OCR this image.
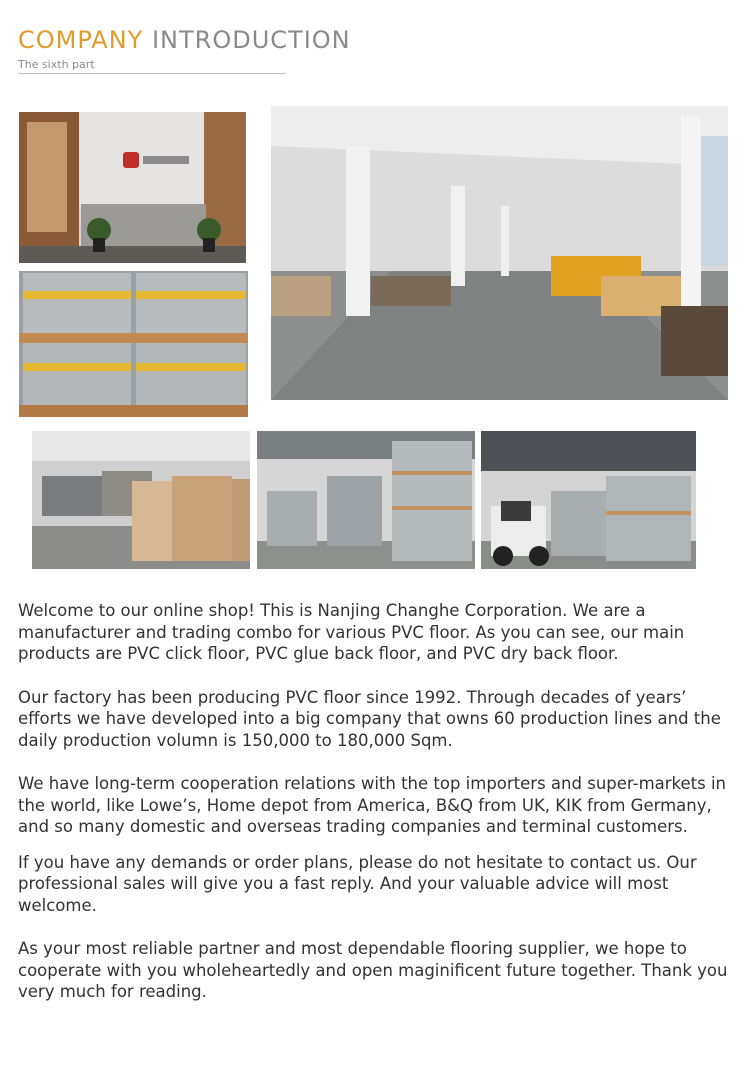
COMPANY INTRODUCTION
The sixth part

Welcome to our online shop! This is Nanjing Changhe Corporation. We are a manufacturer and trading combo for various PVC floor. As you can see, our main products are PVC click floor, PVC glue back floor, and PVC dry back floor.

Our factory has been producing PVC floor since 1992. Through decades of years’ efforts we have developed into a big company that owns 60 production lines and the daily production volumn is 150,000 to 180,000 Sqm.

We have long-term cooperation relations with the top importers and super-markets in the world, like Lowe’s, Home depot from America, B&Q from UK, KIK from Germany, and so many domestic and overseas trading companies and terminal customers.

If you have any demands or order plans, please do not hesitate to contact us. Our professional sales will give you a fast reply. And your valuable advice will most welcome.

As your most reliable partner and most dependable flooring supplier, we hope to cooperate with you wholeheartedly and open maginificent future together. Thank you very much for reading.
